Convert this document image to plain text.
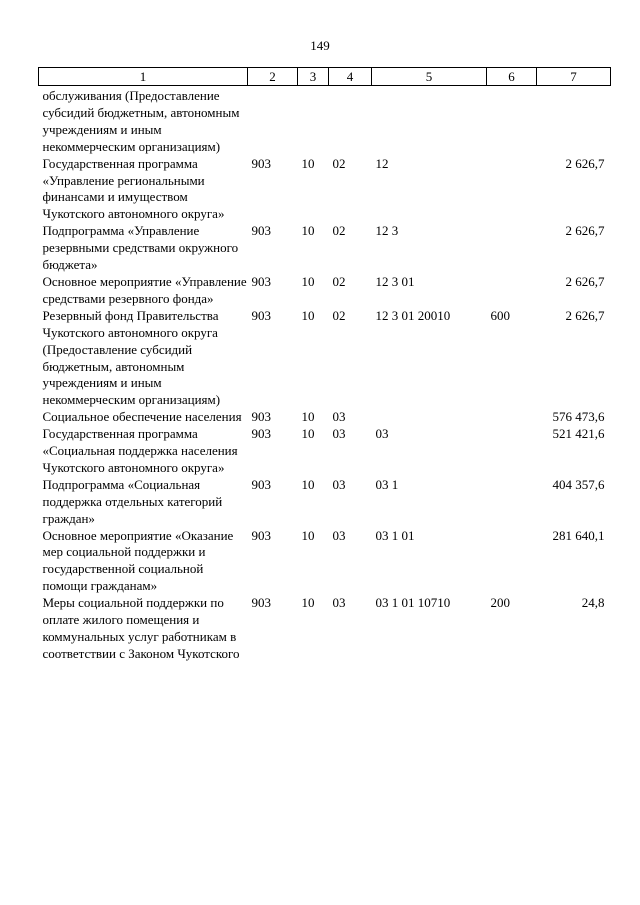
149
1	2	3	4	5	6	7
обслуживания (Предоставление субсидий бюджетным, автономным учреждениям и иным некоммерческим организациям)						
Государственная программа «Управление региональными финансами и имуществом Чукотского автономного округа»	903	10	02	12		2 626,7
Подпрограмма «Управление резервными средствами окружного бюджета»	903	10	02	12 3		2 626,7
Основное мероприятие «Управление средствами резервного фонда»	903	10	02	12 3 01		2 626,7
Резервный фонд Правительства Чукотского автономного округа (Предоставление субсидий бюджетным, автономным учреждениям и иным некоммерческим организациям)	903	10	02	12 3 01 20010	600	2 626,7
Социальное обеспечение населения	903	10	03			576 473,6
Государственная программа «Социальная поддержка населения Чукотского автономного округа»	903	10	03	03		521 421,6
Подпрограмма «Социальная поддержка отдельных категорий граждан»	903	10	03	03 1		404 357,6
Основное мероприятие «Оказание мер социальной поддержки и государственной социальной помощи гражданам»	903	10	03	03 1 01		281 640,1
Меры социальной поддержки по оплате жилого помещения и коммунальных услуг работникам в соответствии с Законом Чукотского	903	10	03	03 1 01 10710	200	24,8
